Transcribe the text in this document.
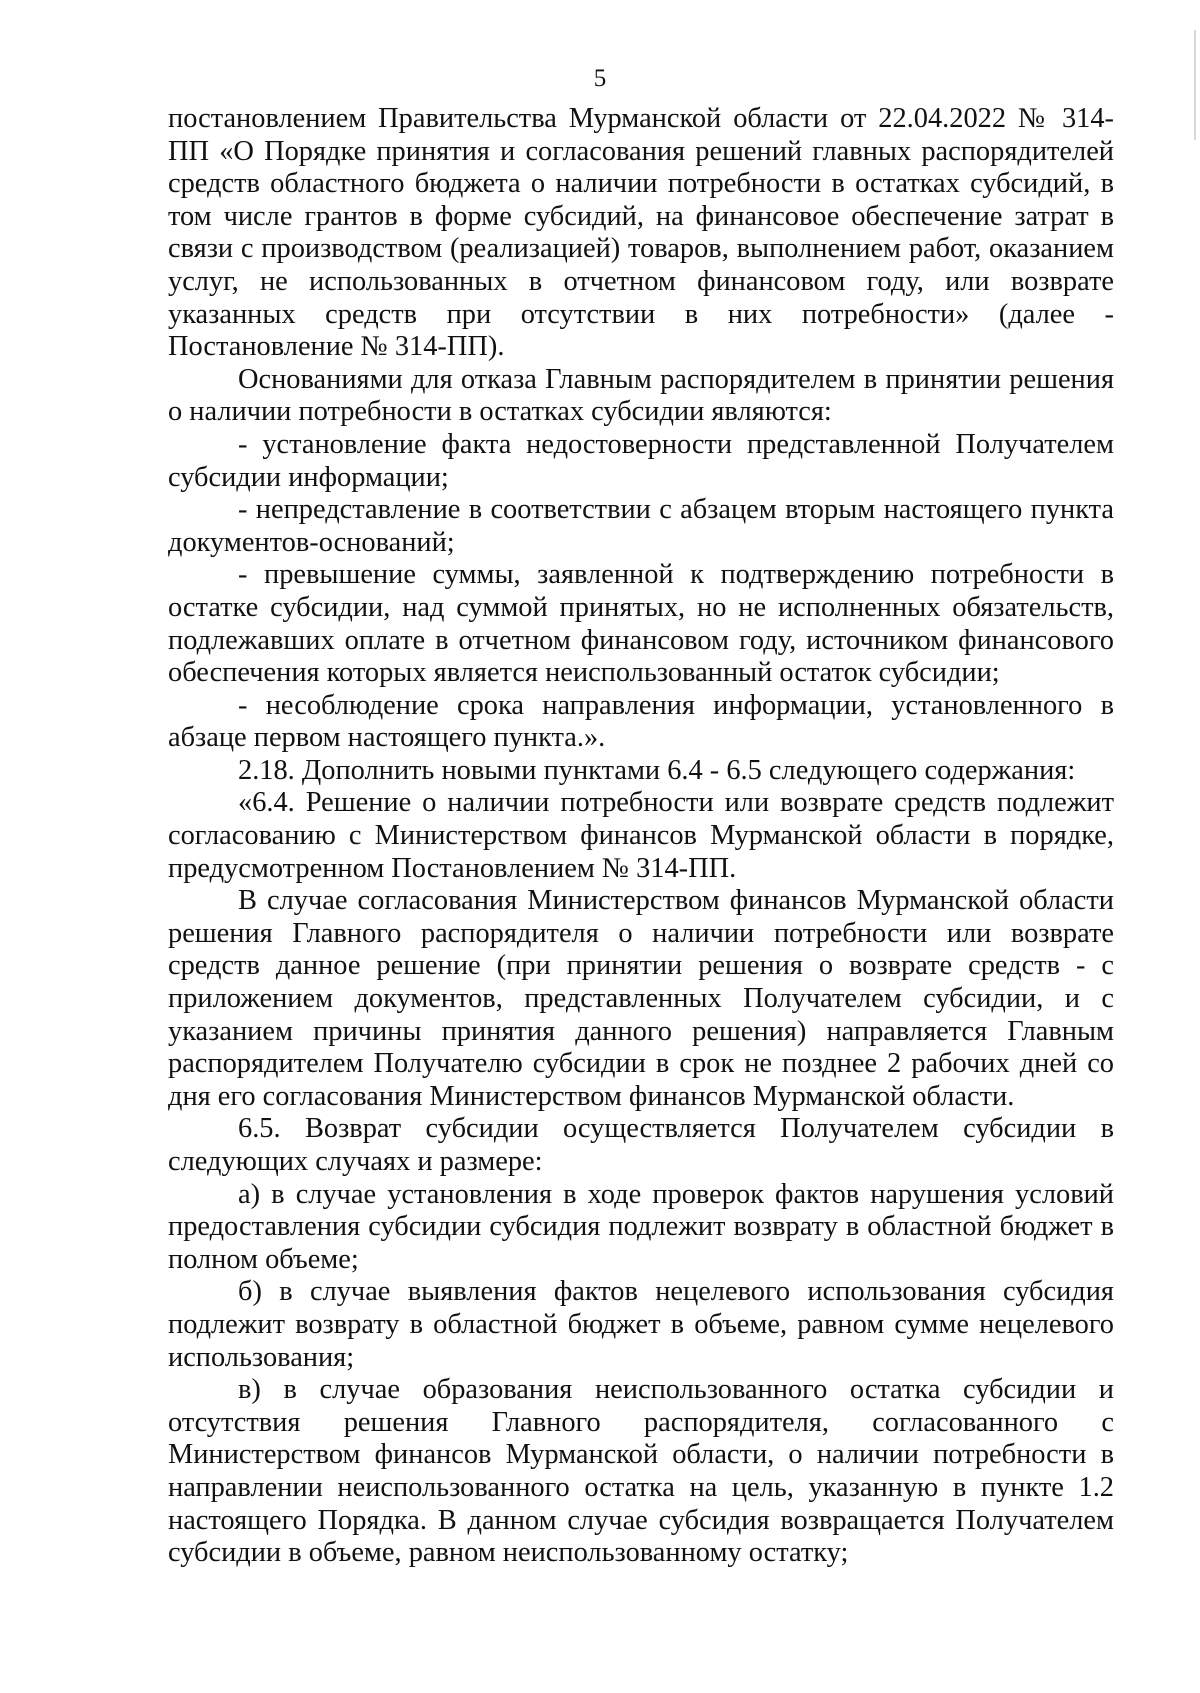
5

постановлением Правительства Мурманской области от 22.04.2022 № 314-ПП «О Порядке принятия и согласования решений главных распорядителей средств областного бюджета о наличии потребности в остатках субсидий, в том числе грантов в форме субсидий, на финансовое обеспечение затрат в связи с производством (реализацией) товаров, выполнением работ, оказанием услуг, не использованных в отчетном финансовом году, или возврате указанных средств при отсутствии в них потребности» (далее - Постановление № 314-ПП).

Основаниями для отказа Главным распорядителем в принятии решения о наличии потребности в остатках субсидии являются:

- установление факта недостоверности представленной Получателем субсидии информации;

- непредставление в соответствии с абзацем вторым настоящего пункта документов-оснований;

- превышение суммы, заявленной к подтверждению потребности в остатке субсидии, над суммой принятых, но не исполненных обязательств, подлежавших оплате в отчетном финансовом году, источником финансового обеспечения которых является неиспользованный остаток субсидии;

- несоблюдение срока направления информации, установленного в абзаце первом настоящего пункта.».

2.18. Дополнить новыми пунктами 6.4 - 6.5 следующего содержания:

«6.4. Решение о наличии потребности или возврате средств подлежит согласованию с Министерством финансов Мурманской области в порядке, предусмотренном Постановлением № 314-ПП.

В случае согласования Министерством финансов Мурманской области решения Главного распорядителя о наличии потребности или возврате средств данное решение (при принятии решения о возврате средств - с приложением документов, представленных Получателем субсидии, и с указанием причины принятия данного решения) направляется Главным распорядителем Получателю субсидии в срок не позднее 2 рабочих дней со дня его согласования Министерством финансов Мурманской области.

6.5. Возврат субсидии осуществляется Получателем субсидии в следующих случаях и размере:

а) в случае установления в ходе проверок фактов нарушения условий предоставления субсидии субсидия подлежит возврату в областной бюджет в полном объеме;

б) в случае выявления фактов нецелевого использования субсидия подлежит возврату в областной бюджет в объеме, равном сумме нецелевого использования;

в) в случае образования неиспользованного остатка субсидии и отсутствия решения Главного распорядителя, согласованного с Министерством финансов Мурманской области, о наличии потребности в направлении неиспользованного остатка на цель, указанную в пункте 1.2 настоящего Порядка. В данном случае субсидия возвращается Получателем субсидии в объеме, равном неиспользованному остатку;
